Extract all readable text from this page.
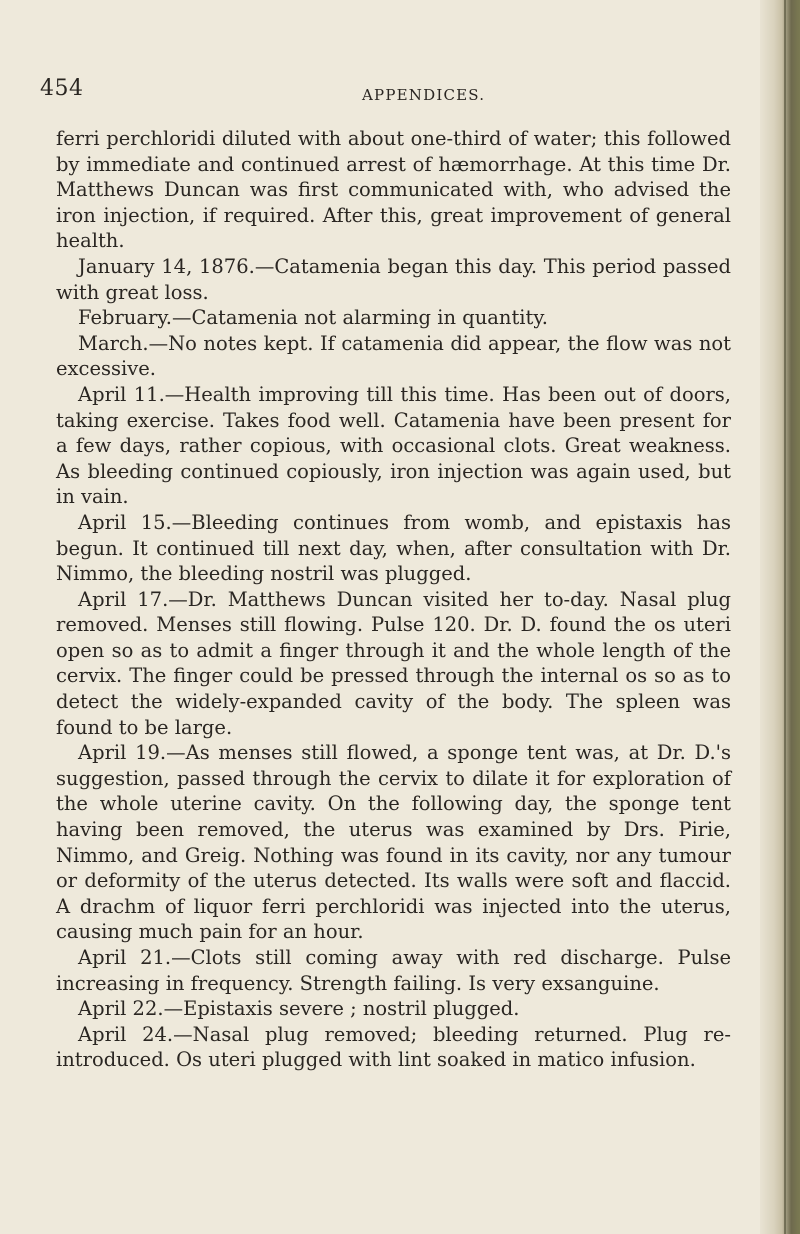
454	APPENDICES.

ferri perchloridi diluted with about one-third of water; this followed by immediate and continued arrest of hæmorrhage. At this time Dr. Matthews Duncan was first communicated with, who advised the iron injection, if required. After this, great improvement of general health.

January 14, 1876.—Catamenia began this day. This period passed with great loss.

February.—Catamenia not alarming in quantity.

March.—No notes kept. If catamenia did appear, the flow was not excessive.

April 11.—Health improving till this time. Has been out of doors, taking exercise. Takes food well. Catamenia have been present for a few days, rather copious, with occasional clots. Great weakness. As bleeding continued copiously, iron injection was again used, but in vain.

April 15.—Bleeding continues from womb, and epistaxis has begun. It continued till next day, when, after consultation with Dr. Nimmo, the bleeding nostril was plugged.

April 17.—Dr. Matthews Duncan visited her to-day. Nasal plug removed. Menses still flowing. Pulse 120. Dr. D. found the os uteri open so as to admit a finger through it and the whole length of the cervix. The finger could be pressed through the internal os so as to detect the widely-expanded cavity of the body. The spleen was found to be large.

April 19.—As menses still flowed, a sponge tent was, at Dr. D.'s suggestion, passed through the cervix to dilate it for exploration of the whole uterine cavity. On the following day, the sponge tent having been removed, the uterus was examined by Drs. Pirie, Nimmo, and Greig. Nothing was found in its cavity, nor any tumour or deformity of the uterus detected. Its walls were soft and flaccid. A drachm of liquor ferri perchloridi was injected into the uterus, causing much pain for an hour.

April 21.—Clots still coming away with red discharge. Pulse increasing in frequency. Strength failing. Is very exsanguine.

April 22.—Epistaxis severe ; nostril plugged.

April 24.—Nasal plug removed; bleeding returned. Plug re-introduced. Os uteri plugged with lint soaked in matico infusion.
